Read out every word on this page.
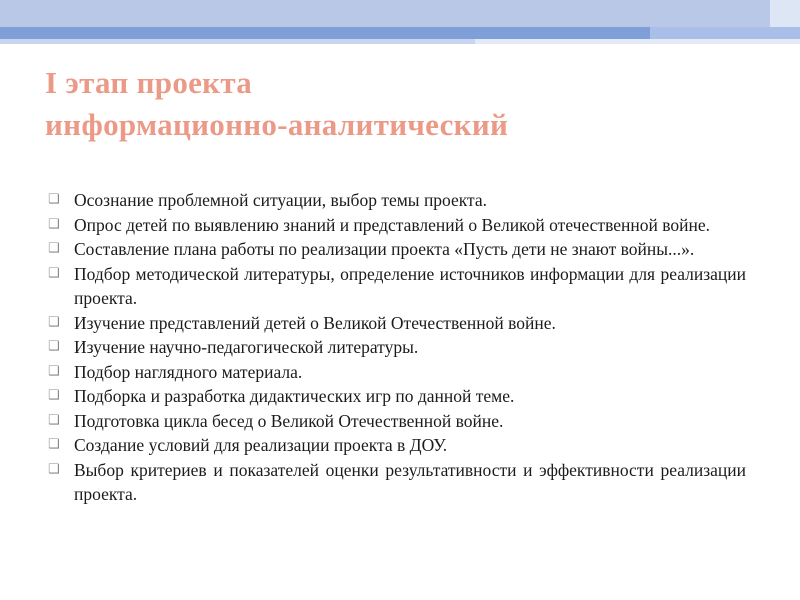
I этап проекта
информационно-аналитический
❑ Осознание проблемной ситуации, выбор темы проекта.
❑ Опрос детей по выявлению знаний и представлений о Великой отечественной войне.
❑ Составление плана работы по реализации проекта «Пусть дети не знают войны...».
❑ Подбор методической литературы, определение источников информации для реализации проекта.
❑ Изучение представлений детей о Великой Отечественной войне.
❑ Изучение научно-педагогической литературы.
❑ Подбор наглядного материала.
❑ Подборка и разработка дидактических игр по данной теме.
❑ Подготовка цикла бесед о Великой Отечественной войне.
❑ Создание условий для реализации проекта в ДОУ.
❑ Выбор критериев и показателей оценки результативности и эффективности реализации проекта.
